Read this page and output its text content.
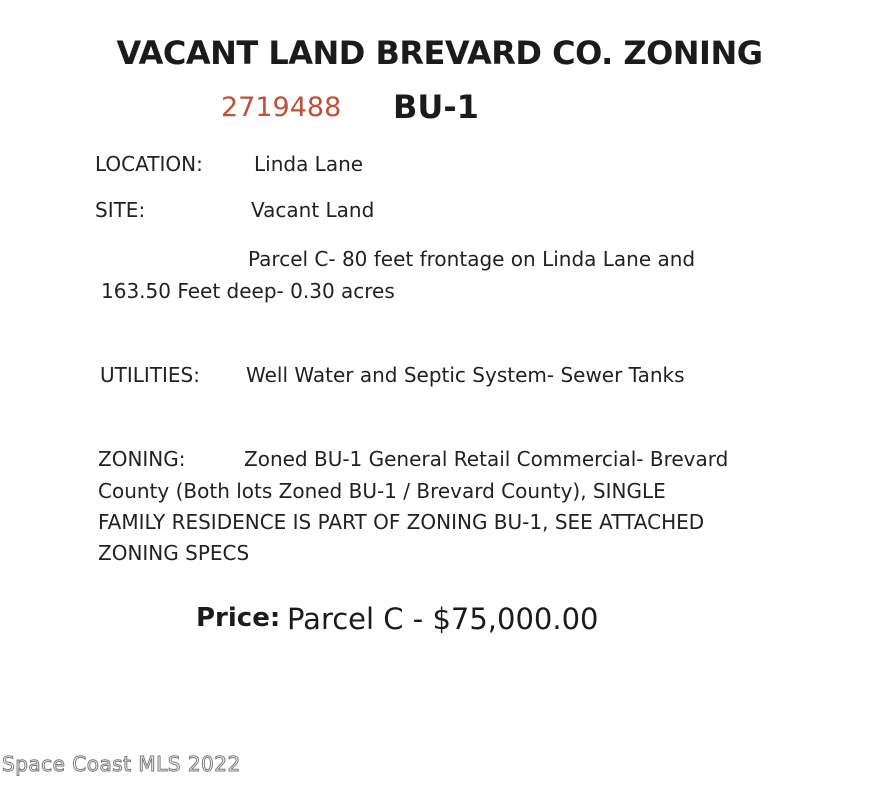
VACANT LAND BREVARD CO. ZONING
2719488 BU-1
LOCATION:	Linda Lane
SITE:	Vacant Land
Parcel C- 80 feet frontage on Linda Lane and
163.50 Feet deep- 0.30 acres
UTILITIES: Well Water and Septic System- Sewer Tanks
ZONING:	Zoned BU-1 General Retail Commercial- Brevard
County (Both lots Zoned BU-1 / Brevard County), SINGLE
FAMILY RESIDENCE IS PART OF ZONING BU-1, SEE ATTACHED
ZONING SPECS
Price: Parcel C - $75,000.00
Space Coast MLS 2022
